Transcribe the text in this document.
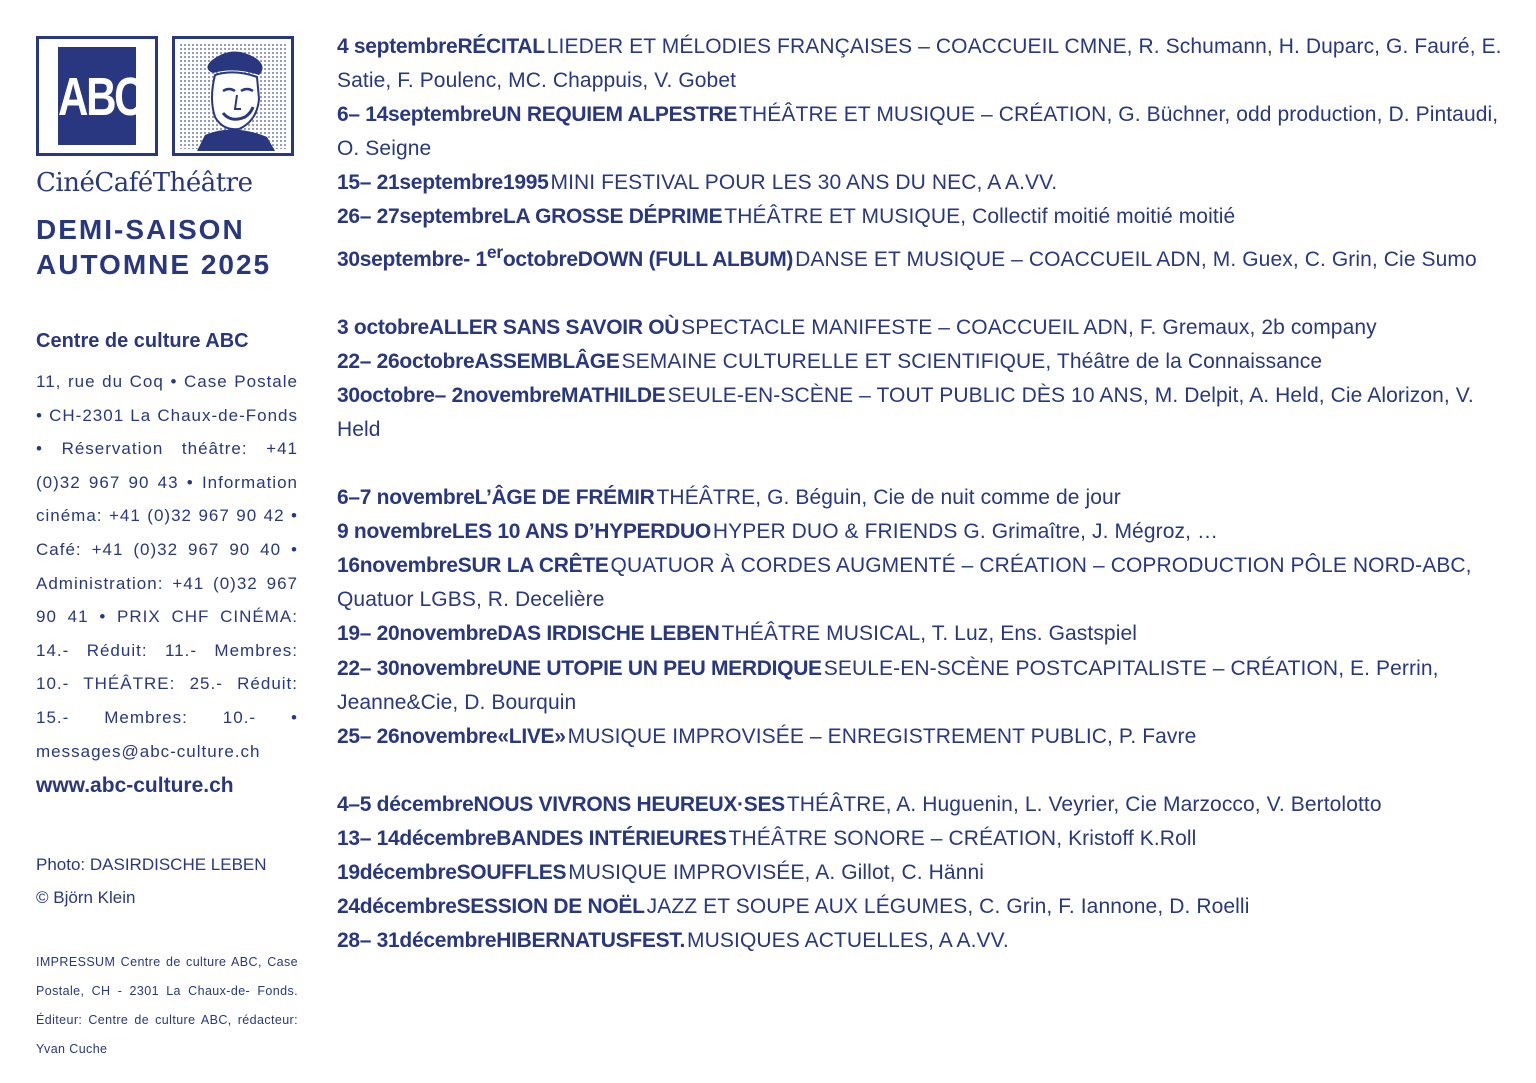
ABC
CinéCaféThéâtre
DEMI-SAISON
AUTOMNE 2025
Centre de culture ABC
11, rue du Coq • Case Postale • CH-2301 La Chaux-de-Fonds • Réservation théâtre: +41 (0)32 967 90 43 • Information cinéma: +41 (0)32 967 90 42 • Café: +41 (0)32 967 90 40 • Administration: +41 (0)32 967 90 41 • PRIX CHF CINÉMA: 14.- Réduit: 11.- Membres: 10.- THÉÂTRE: 25.- Réduit: 15.- Membres: 10.- • messages@abc-culture.ch
www.abc-culture.ch
Photo: DASIRDISCHE LEBEN
© Björn Klein
IMPRESSUM Centre de culture ABC, Case Postale, CH - 2301 La Chaux-de- Fonds. Éditeur: Centre de culture ABC, rédacteur: Yvan Cuche
4 septembreRÉCITALLIEDER ET MÉLODIES FRANÇAISES – COACCUEIL CMNE, R. Schumann, H. Duparc, G. Fauré, E. Satie, F. Poulenc, MC. Chappuis, V. Gobet
6– 14septembreUN REQUIEM ALPESTRETHÉÂTRE ET MUSIQUE – CRÉATION, G. Büchner, odd production, D. Pintaudi, O. Seigne
15– 21septembre1995MINI FESTIVAL POUR LES 30 ANS DU NEC, A A.VV.
26– 27septembreLA GROSSE DÉPRIMETHÉÂTRE ET MUSIQUE, Collectif moitié moitié moitié
30septembre- 1eroctobreDOWN (FULL ALBUM)DANSE ET MUSIQUE – COACCUEIL ADN, M. Guex, C. Grin, Cie Sumo
3 octobreALLER SANS SAVOIR OÙSPECTACLE MANIFESTE – COACCUEIL ADN, F. Gremaux, 2b company
22– 26octobreASSEMBLÂGESEMAINE CULTURELLE ET SCIENTIFIQUE, Théâtre de la Connaissance
30octobre– 2novembreMATHILDESEULE-EN-SCÈNE – TOUT PUBLIC DÈS 10 ANS, M. Delpit, A. Held, Cie Alorizon, V. Held
6–7 novembreL’ÂGE DE FRÉMIRTHÉÂTRE, G. Béguin, Cie de nuit comme de jour
9 novembreLES 10 ANS D’HYPERDUOHYPER DUO & FRIENDS G. Grimaître, J. Mégroz, …
16novembreSUR LA CRÊTEQUATUOR À CORDES AUGMENTÉ – CRÉATION – COPRODUCTION PÔLE NORD-ABC, Quatuor LGBS, R. Decelière
19– 20novembreDAS IRDISCHE LEBENTHÉÂTRE MUSICAL, T. Luz, Ens. Gastspiel
22– 30novembreUNE UTOPIE UN PEU MERDIQUESEULE-EN-SCÈNE POSTCAPITALISTE – CRÉATION, E. Perrin, Jeanne&Cie, D. Bourquin
25– 26novembre«LIVE»MUSIQUE IMPROVISÉE – ENREGISTREMENT PUBLIC, P. Favre
4–5 décembreNOUS VIVRONS HEUREUX·SESTHÉÂTRE, A. Huguenin, L. Veyrier, Cie Marzocco, V. Bertolotto
13– 14décembreBANDES INTÉRIEURESTHÉÂTRE SONORE – CRÉATION, Kristoff K.Roll
19décembreSOUFFLESMUSIQUE IMPROVISÉE, A. Gillot, C. Hänni
24décembreSESSION DE NOËLJAZZ ET SOUPE AUX LÉGUMES, C. Grin, F. Iannone, D. Roelli
28– 31décembreHIBERNATUSFEST.MUSIQUES ACTUELLES, A A.VV.
